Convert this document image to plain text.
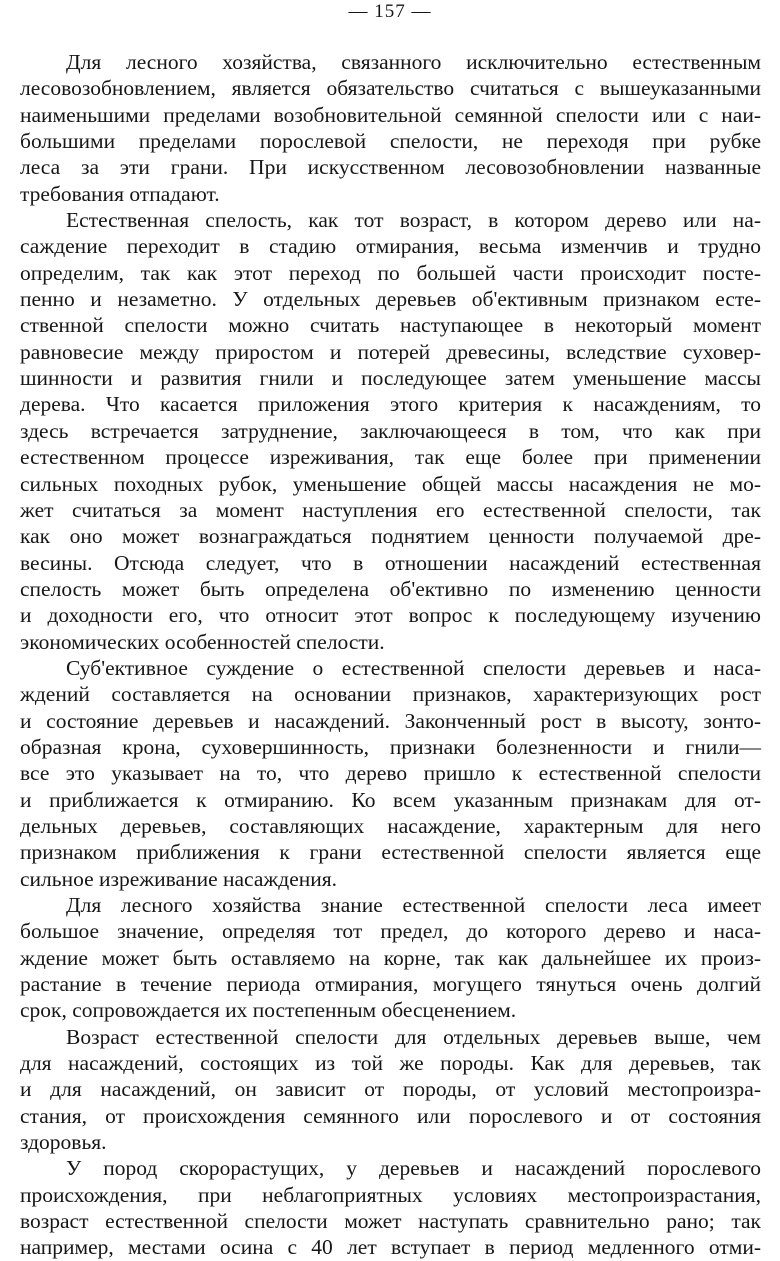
— 157 —
Для лесного хозяйства, связанного исключительно естественным
лесовозобновлением, является обязательство считаться с вышеуказанными
наименьшими пределами возобновительной семянной спелости или с наи-
большими пределами порослевой спелости, не переходя при рубке
леса за эти грани. При искусственном лесовозобновлении названные
требования отпадают.
Естественная спелость, как тот возраст, в котором дерево или на-
саждение переходит в стадию отмирания, весьма изменчив и трудно
определим, так как этот переход по большей части происходит посте-
пенно и незаметно. У отдельных деревьев об'ективным признаком есте-
ственной спелости можно считать наступающее в некоторый момент
равновесие между приростом и потерей древесины, вследствие суховер-
шинности и развития гнили и последующее затем уменьшение массы
дерева. Что касается приложения этого критерия к насаждениям, то
здесь встречается затруднение, заключающееся в том, что как при
естественном процессе изреживания, так еще более при применении
сильных походных рубок, уменьшение общей массы насаждения не мо-
жет считаться за момент наступления его естественной спелости, так
как оно может вознаграждаться поднятием ценности получаемой дре-
весины. Отсюда следует, что в отношении насаждений естественная
спелость может быть определена об'ективно по изменению ценности
и доходности его, что относит этот вопрос к последующему изучению
экономических особенностей спелости.
Суб'ективное суждение о естественной спелости деревьев и наса-
ждений составляется на основании признаков, характеризующих рост
и состояние деревьев и насаждений. Законченный рост в высоту, зонто-
образная крона, суховершинность, признаки болезненности и гнили—
все это указывает на то, что дерево пришло к естественной спелости
и приближается к отмиранию. Ко всем указанным признакам для от-
дельных деревьев, составляющих насаждение, характерным для него
признаком приближения к грани естественной спелости является еще
сильное изреживание насаждения.
Для лесного хозяйства знание естественной спелости леса имеет
большое значение, определяя тот предел, до которого дерево и наса-
ждение может быть оставляемо на корне, так как дальнейшее их произ-
растание в течение периода отмирания, могущего тянуться очень долгий
срок, сопровождается их постепенным обесценением.
Возраст естественной спелости для отдельных деревьев выше, чем
для насаждений, состоящих из той же породы. Как для деревьев, так
и для насаждений, он зависит от породы, от условий местопроизра-
стания, от происхождения семянного или порослевого и от состояния
здоровья.
У пород скорорастущих, у деревьев и насаждений порослевого
происхождения, при неблагоприятных условиях местопроизрастания,
возраст естественной спелости может наступать сравнительно рано; так
например, местами осина с 40 лет вступает в период медленного отми-
